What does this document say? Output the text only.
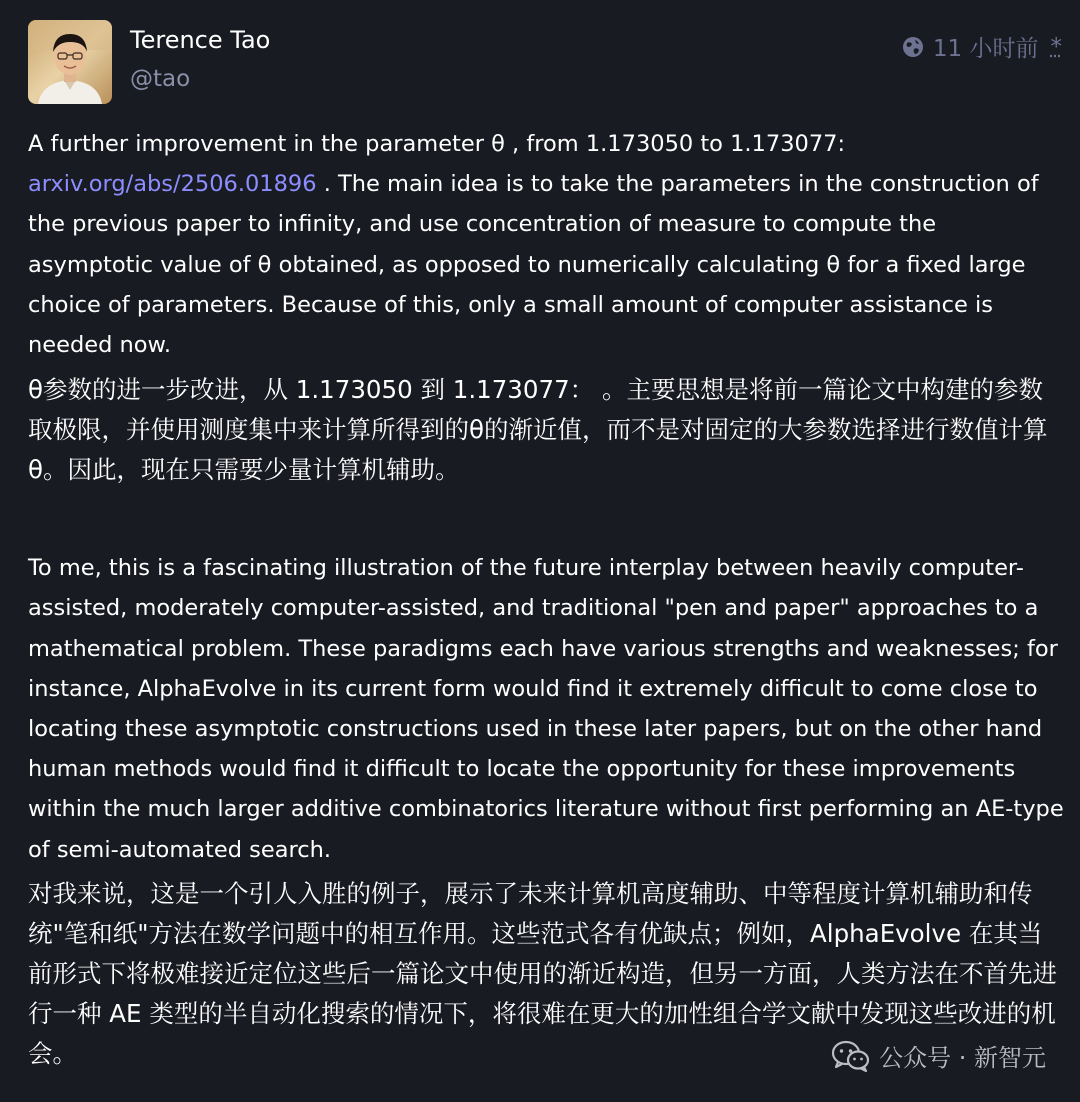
Terence Tao
@tao
11 小时前 *

A further improvement in the parameter θ , from 1.173050 to 1.173077:
arxiv.org/abs/2506.01896 . The main idea is to take the parameters in the construction of the previous paper to infinity, and use concentration of measure to compute the asymptotic value of θ obtained, as opposed to numerically calculating θ for a fixed large choice of parameters. Because of this, only a small amount of computer assistance is needed now.

θ参数的进一步改进，从 1.173050 到 1.173077： 。主要思想是将前一篇论文中构建的参数取极限，并使用测度集中来计算所得到的θ的渐近值，而不是对固定的大参数选择进行数值计算θ。因此，现在只需要少量计算机辅助。

To me, this is a fascinating illustration of the future interplay between heavily computer-assisted, moderately computer-assisted, and traditional "pen and paper" approaches to a mathematical problem. These paradigms each have various strengths and weaknesses; for instance, AlphaEvolve in its current form would find it extremely difficult to come close to locating these asymptotic constructions used in these later papers, but on the other hand human methods would find it difficult to locate the opportunity for these improvements within the much larger additive combinatorics literature without first performing an AE-type of semi-automated search.

对我来说，这是一个引人入胜的例子，展示了未来计算机高度辅助、中等程度计算机辅助和传统"笔和纸"方法在数学问题中的相互作用。这些范式各有优缺点；例如，AlphaEvolve 在其当前形式下将极难接近定位这些后一篇论文中使用的渐近构造，但另一方面，人类方法在不首先进行一种 AE 类型的半自动化搜索的情况下，将很难在更大的加性组合学文献中发现这些改进的机会。	公众号 · 新智元
